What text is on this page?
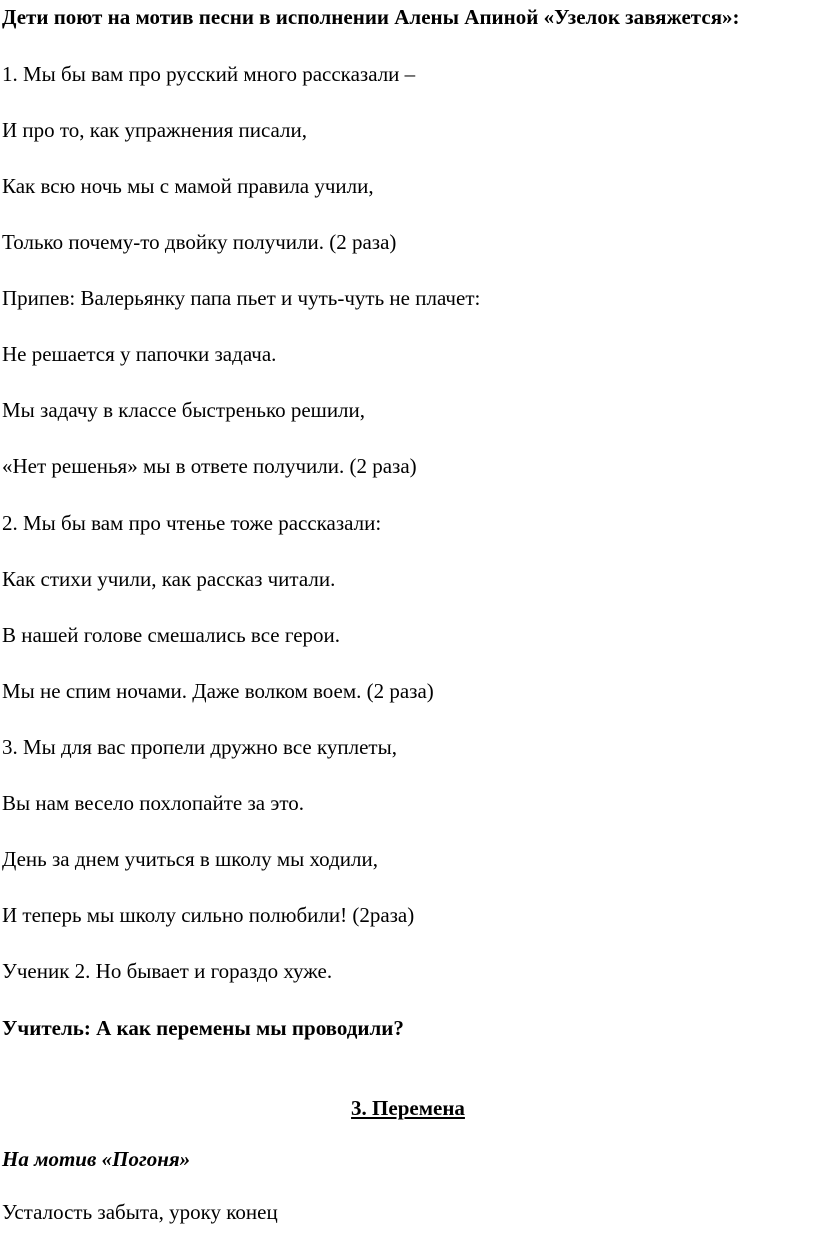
Дети поют на мотив песни в исполнении Алены Апиной «Узелок завяжется»:

1. Мы бы вам про русский много рассказали –

И про то, как упражнения писали,

Как всю ночь мы с мамой правила учили,

Только почему-то двойку получили. (2 раза)

Припев: Валерьянку папа пьет и чуть-чуть не плачет:

Не решается у папочки задача.

Мы задачу в классе быстренько решили,

«Нет решенья» мы в ответе получили. (2 раза)

2. Мы бы вам про чтенье тоже рассказали:

Как стихи учили, как рассказ читали.

В нашей голове смешались все герои.

Мы не спим ночами. Даже волком воем. (2 раза)

3. Мы для вас пропели дружно все куплеты,

Вы нам весело похлопайте за это.

День за днем учиться в школу мы ходили,

И теперь мы школу сильно полюбили! (2раза)

Ученик 2. Но бывает и гораздо хуже.

Учитель: А как перемены мы проводили?

3. Перемена

На мотив «Погоня»

Усталость забыта, уроку конец
